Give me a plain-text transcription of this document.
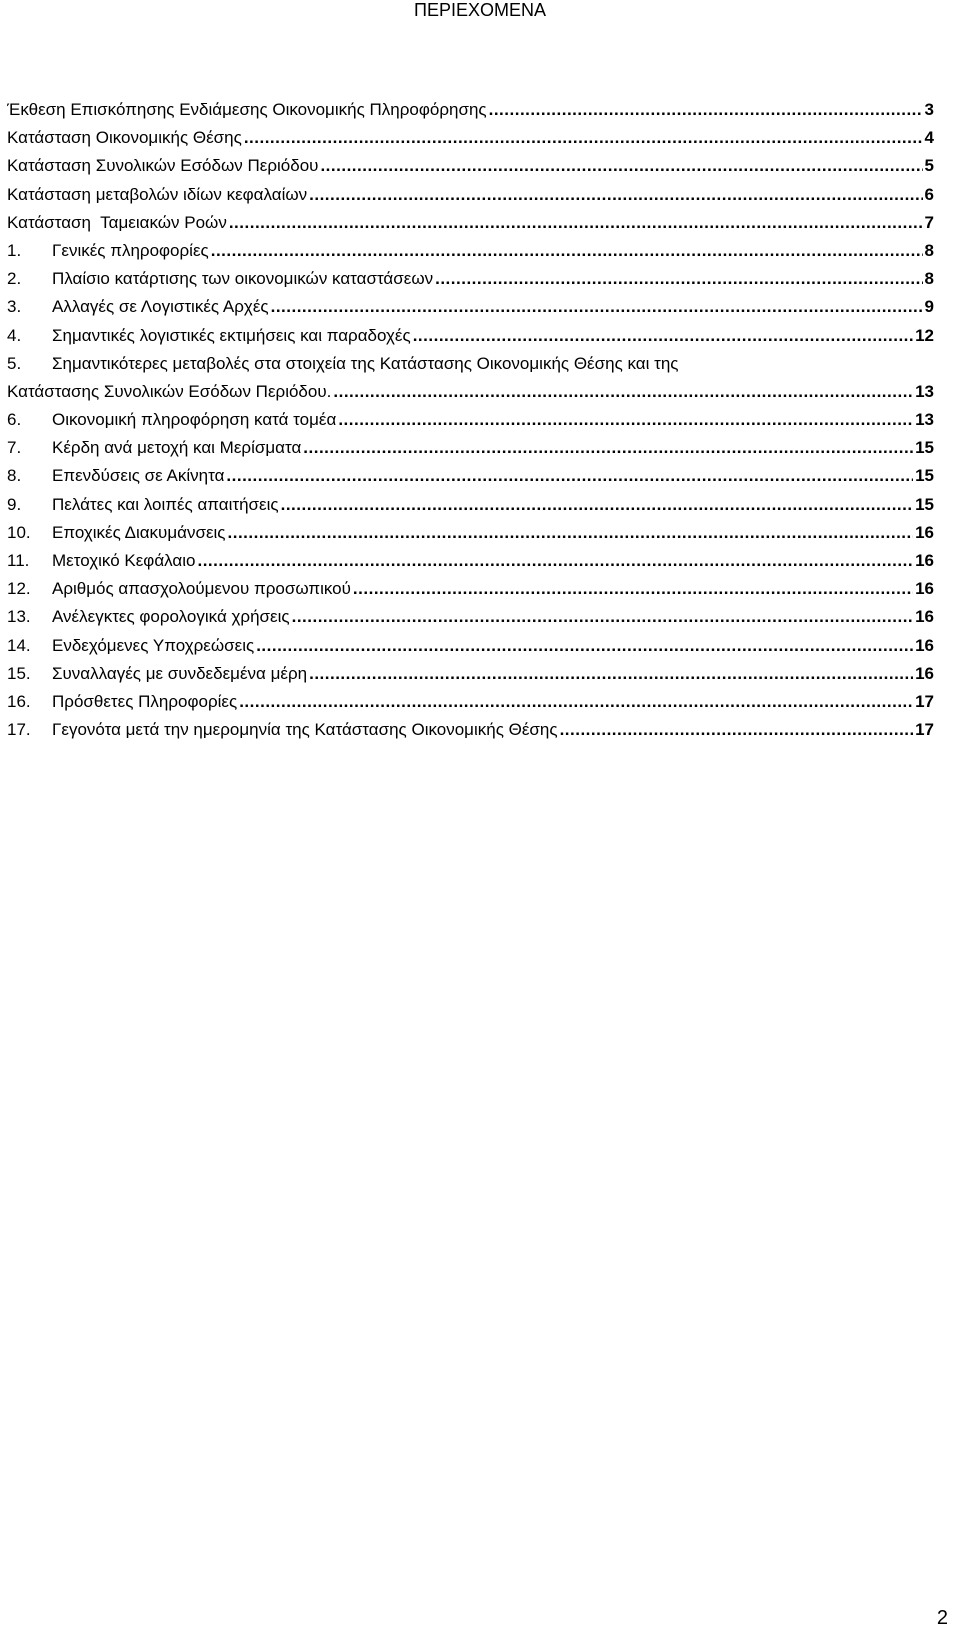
ΠΕΡΙΕΧΟΜΕΝΑ
Έκθεση Επισκόπησης Ενδιάμεσης Οικονομικής Πληροφόρησης .....	3
Κατάσταση Οικονομικής Θέσης .....	4
Κατάσταση Συνολικών Εσόδων Περιόδου .....	5
Κατάσταση μεταβολών ιδίων κεφαλαίων .....	6
Κατάσταση  Ταμειακών Ροών .....	7
1.	Γενικές πληροφορίες .....	8
2.	Πλαίσιο κατάρτισης των οικονομικών καταστάσεων .....	8
3.	Αλλαγές σε Λογιστικές Αρχές .....	9
4.	Σημαντικές λογιστικές εκτιμήσεις και παραδοχές .....	12
5.	Σημαντικότερες μεταβολές στα στοιχεία της Κατάστασης Οικονομικής Θέσης και της
Κατάστασης Συνολικών Εσόδων Περιόδου. .....	13
6.	Οικονομική πληροφόρηση κατά τομέα .....	13
7.	Κέρδη ανά μετοχή και Μερίσματα .....	15
8.	Επενδύσεις σε Ακίνητα .....	15
9.	Πελάτες και λοιπές απαιτήσεις .....	15
10.	Εποχικές Διακυμάνσεις .....	16
11.	Μετοχικό Κεφάλαιο .....	16
12.	Αριθμός απασχολούμενου προσωπικού .....	16
13.	Ανέλεγκτες φορολογικά χρήσεις .....	16
14.	Ενδεχόμενες Υποχρεώσεις .....	16
15.	Συναλλαγές με συνδεδεμένα μέρη .....	16
16.	Πρόσθετες Πληροφορίες .....	17
17.	Γεγονότα μετά την ημερομηνία της Κατάστασης Οικονομικής Θέσης .....	17
2
